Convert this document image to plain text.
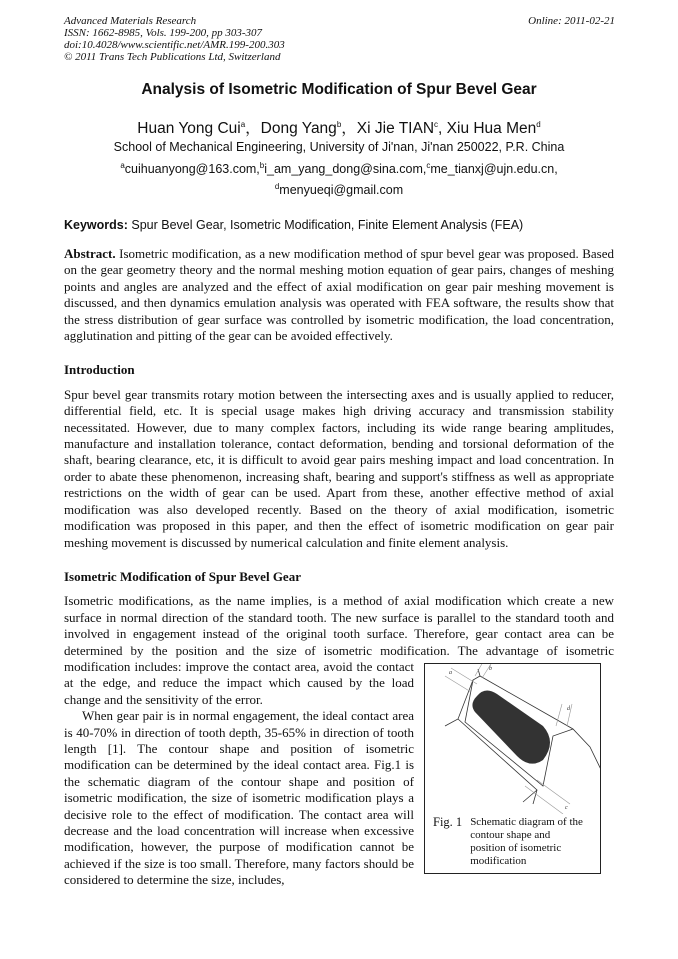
Advanced Materials Research
ISSN: 1662-8985, Vols. 199-200, pp 303-307
doi:10.4028/www.scientific.net/AMR.199-200.303
© 2011 Trans Tech Publications Ltd, Switzerland
Online: 2011-02-21
Analysis of Isometric Modification of Spur Bevel Gear
Huan Yong Cui$^a$，Dong Yang$^b$，Xi Jie TIAN$^c$, Xiu Hua Men$^d$
School of Mechanical Engineering, University of Ji'nan, Ji'nan 250022, P.R. China
$^a$cuihuanyong@163.com,$^b$i_am_yang_dong@sina.com,$^c$me_tianxj@ujn.edu.cn,
$^d$menyueqi@gmail.com
Keywords: Spur Bevel Gear, Isometric Modification, Finite Element Analysis (FEA)

Abstract. Isometric modification, as a new modification method of spur bevel gear was proposed. Based on the gear geometry theory and the normal meshing motion equation of gear pairs, changes of meshing points and angles are analyzed and the effect of axial modification on gear pair meshing movement is discussed, and then dynamics emulation analysis was operated with FEA software, the results show that the stress distribution of gear surface was controlled by isometric modification, the load concentration, agglutination and pitting of the gear can be avoided effectively.

Introduction

Spur bevel gear transmits rotary motion between the intersecting axes and is usually applied to reducer, differential field, etc. It is special usage makes high driving accuracy and transmission stability necessitated. However, due to many complex factors, including its wide range bearing amplitudes, manufacture and installation tolerance, contact deformation, bending and torsional deformation of the shaft, bearing clearance, etc, it is difficult to avoid gear pairs meshing impact and load concentration. In order to abate these phenomenon, increasing shaft, bearing and support's stiffness as well as appropriate restrictions on the width of gear can be used. Apart from these, another effective method of axial modification was also developed recently. Based on the theory of axial modification, isometric modification was proposed in this paper, and then the effect of isometric modification on gear pair meshing movement is discussed by numerical calculation and finite element analysis.

Isometric Modification of Spur Bevel Gear

Isometric modifications, as the name implies, is a method of axial modification which create a new surface in normal direction of the standard tooth. The new surface is parallel to the standard tooth and involved in engagement instead of the original tooth surface. Therefore, gear contact area can be determined by the position and the size of isometric modification. The advantage of isometric

a
b
c
d
Fig. 1 Schematic diagram of the contour shape and position of isometric modification

modification includes: improve the contact area, avoid the contact at the edge, and reduce the impact which caused by the load change and the sensitivity of the error.

When gear pair is in normal engagement, the ideal contact area is 40-70% in direction of tooth depth, 35-65% in direction of tooth length [1]. The contour shape and position of isometric modification can be determined by the ideal contact area. Fig.1 is the schematic diagram of the contour shape and position of isometric modification, the size of isometric modification plays a decisive role to the effect of modification. The contact area will decrease and the load concentration will increase when excessive modification, however, the purpose of modification cannot be achieved if the size is too small. Therefore, many factors should be considered to determine the size, includes,
